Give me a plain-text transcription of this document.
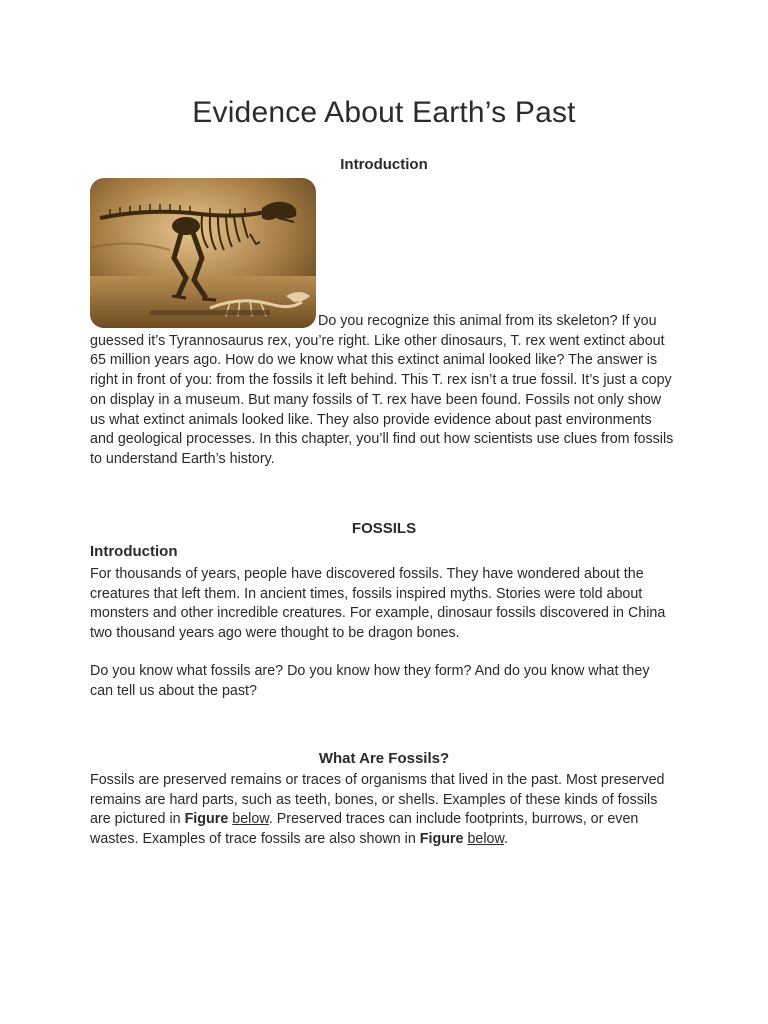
Evidence About Earth’s Past
Introduction

Do you recognize this animal from its skeleton? If you guessed it’s Tyrannosaurus rex, you’re right. Like other dinosaurs, T. rex went extinct about 65 million years ago. How do we know what this extinct animal looked like? The answer is right in front of you: from the fossils it left behind. This T. rex isn’t a true fossil. It’s just a copy on display in a museum. But many fossils of T. rex have been found. Fossils not only show us what extinct animals looked like. They also provide evidence about past environments and geological processes. In this chapter, you’ll find out how scientists use clues from fossils to understand Earth’s history.

FOSSILS
Introduction

For thousands of years, people have discovered fossils. They have wondered about the creatures that left them. In ancient times, fossils inspired myths. Stories were told about monsters and other incredible creatures. For example, dinosaur fossils discovered in China two thousand years ago were thought to be dragon bones.

Do you know what fossils are? Do you know how they form? And do you know what they can tell us about the past?

What Are Fossils?

Fossils are preserved remains or traces of organisms that lived in the past. Most preserved remains are hard parts, such as teeth, bones, or shells. Examples of these kinds of fossils are pictured in Figure below. Preserved traces can include footprints, burrows, or even wastes. Examples of trace fossils are also shown in Figure below.
